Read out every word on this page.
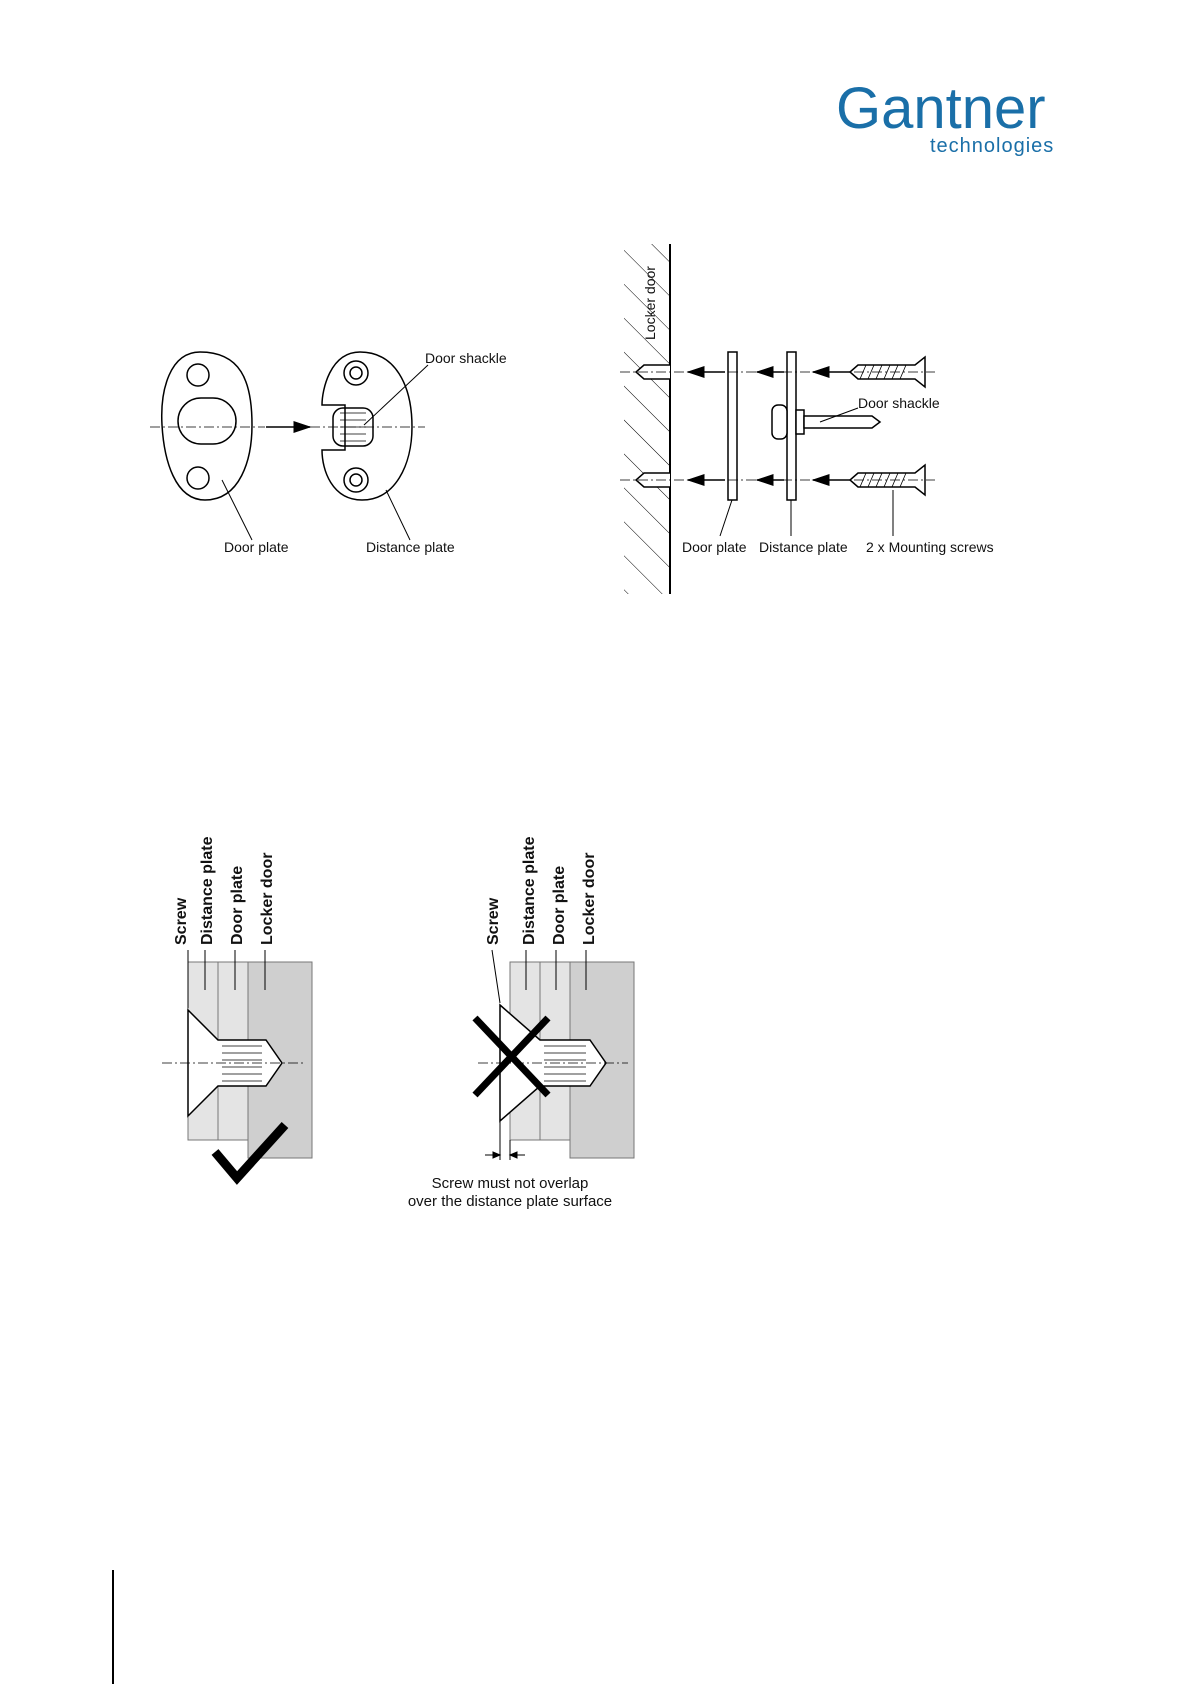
Gantner
technologies
Door shackle
Door plate	Distance plate
Locker door
Door shackle
Door plate Distance plate 2 x Mounting screws
Screw Distance plate Door plate Locker door	Screw Distance plate Door plate Locker door
Screw must not overlap
over the distance plate surface
